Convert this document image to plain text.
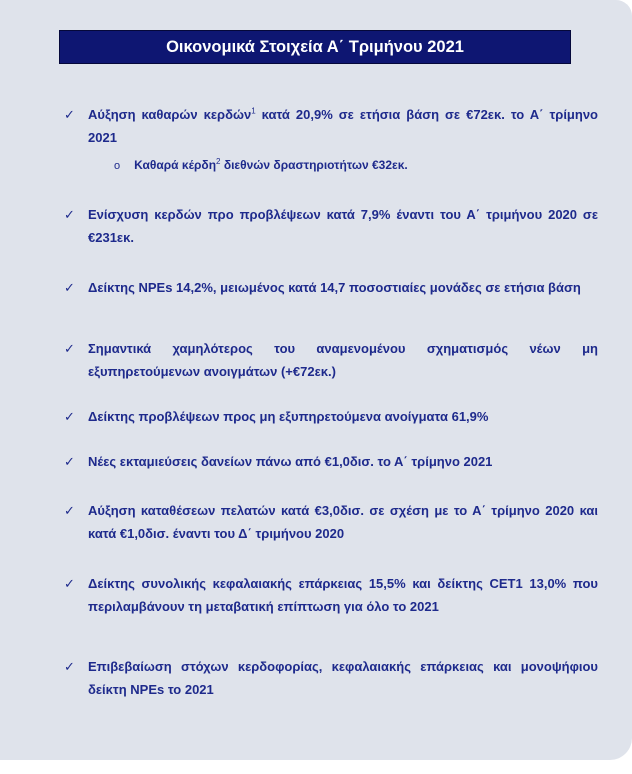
Οικονομικά Στοιχεία Α΄ Τριμήνου 2021
✓ Αύξηση καθαρών κερδών$^1$ κατά 20,9% σε ετήσια βάση σε €72εκ. το Α΄ τρίμηνο 2021
o Καθαρά κέρδη$^2$ διεθνών δραστηριοτήτων €32εκ.
✓ Ενίσχυση κερδών προ προβλέψεων κατά 7,9% έναντι του Α΄ τριμήνου 2020 σε €231εκ.
✓ Δείκτης NPEs 14,2%, μειωμένος κατά 14,7 ποσοστιαίες μονάδες σε ετήσια βάση
✓ Σημαντικά χαμηλότερος του αναμενομένου σχηματισμός νέων μη εξυπηρετούμενων ανοιγμάτων (+€72εκ.)
✓ Δείκτης προβλέψεων προς μη εξυπηρετούμενα ανοίγματα 61,9%
✓ Νέες εκταμιεύσεις δανείων πάνω από €1,0δισ. το Α΄ τρίμηνο 2021
✓ Αύξηση καταθέσεων πελατών κατά €3,0δισ. σε σχέση με το Α΄ τρίμηνο 2020 και κατά €1,0δισ. έναντι του Δ΄ τριμήνου 2020
✓ Δείκτης συνολικής κεφαλαιακής επάρκειας 15,5% και δείκτης CET1 13,0% που περιλαμβάνουν τη μεταβατική επίπτωση για όλο το 2021
✓ Επιβεβαίωση στόχων κερδοφορίας, κεφαλαιακής επάρκειας και μονοψήφιου δείκτη NPEs το 2021
